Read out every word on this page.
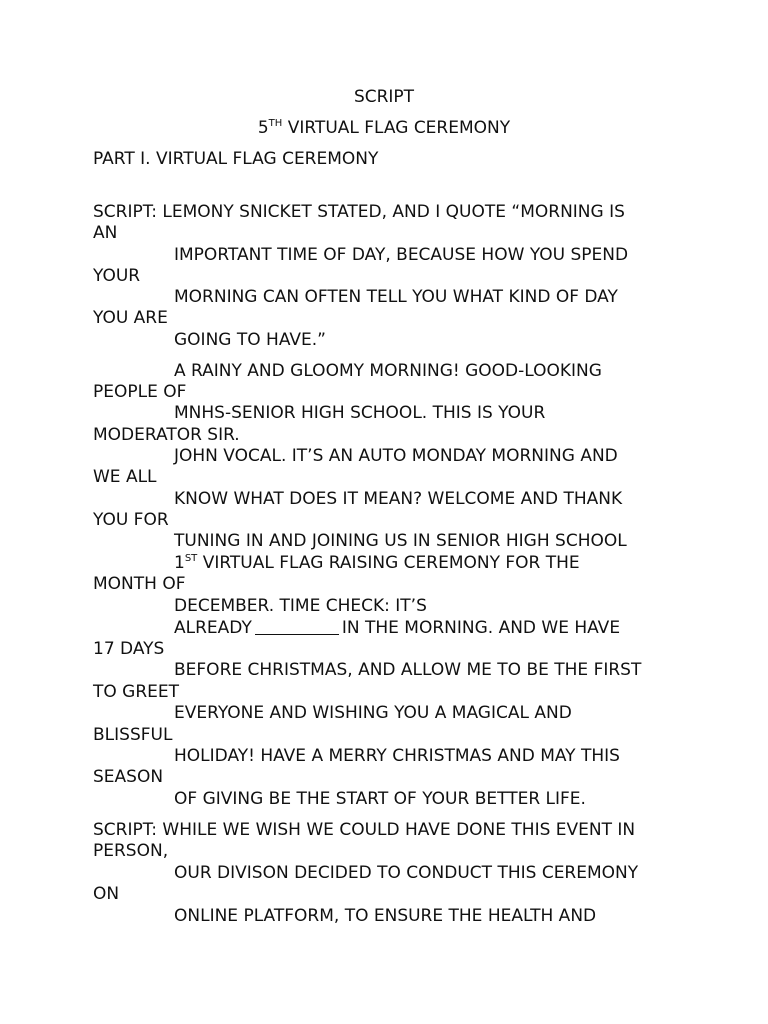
SCRIPT
5TH VIRTUAL FLAG CEREMONY
PART I. VIRTUAL FLAG CEREMONY
SCRIPT: LEMONY SNICKET STATED, AND I QUOTE “MORNING IS
AN
IMPORTANT TIME OF DAY, BECAUSE HOW YOU SPEND
YOUR
MORNING CAN OFTEN TELL YOU WHAT KIND OF DAY
YOU ARE
GOING TO HAVE.”
A RAINY AND GLOOMY MORNING! GOOD-LOOKING
PEOPLE OF
MNHS-SENIOR HIGH SCHOOL. THIS IS YOUR
MODERATOR SIR.
JOHN VOCAL. IT’S AN AUTO MONDAY MORNING AND
WE ALL
KNOW WHAT DOES IT MEAN? WELCOME AND THANK
YOU FOR
TUNING IN AND JOINING US IN SENIOR HIGH SCHOOL
1ST VIRTUAL FLAG RAISING CEREMONY FOR THE
MONTH OF
DECEMBER. TIME CHECK: IT’S
ALREADY	IN THE MORNING. AND WE HAVE
17 DAYS
BEFORE CHRISTMAS, AND ALLOW ME TO BE THE FIRST
TO GREET
EVERYONE AND WISHING YOU A MAGICAL AND
BLISSFUL
HOLIDAY! HAVE A MERRY CHRISTMAS AND MAY THIS
SEASON
OF GIVING BE THE START OF YOUR BETTER LIFE.
SCRIPT: WHILE WE WISH WE COULD HAVE DONE THIS EVENT IN
PERSON,
OUR DIVISON DECIDED TO CONDUCT THIS CEREMONY
ON
ONLINE PLATFORM, TO ENSURE THE HEALTH AND
